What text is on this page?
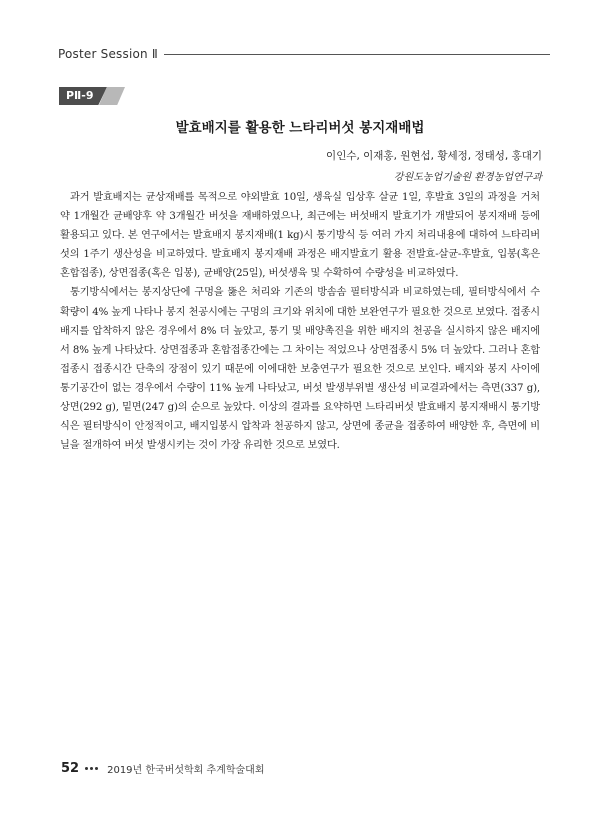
Poster Session Ⅱ
PⅡ-9
발효배지를 활용한 느타리버섯 봉지재배법
이인수, 이재홍, 원현섭, 황세정, 정태성, 홍대기
강원도농업기술원 환경농업연구과

과거 발효배지는 균상재배를 목적으로 야외발효 10일, 생육실 입상후 살균 1일, 후발효 3일의 과정을 거처 약 1개월간 균배양후 약 3개월간 버섯을 재배하였으나, 최근에는 버섯배지 발효기가 개발되어 봉지재배 등에 활용되고 있다. 본 연구에서는 발효배지 봉지재배(1 kg)시 통기방식 등 여러 가지 처리내용에 대하여 느타리버섯의 1주기 생산성을 비교하였다. 발효배지 봉지재배 과정은 배지발효기 활용 전발효-살균-후발효, 입봉(혹은 혼합접종), 상면접종(혹은 입봉), 균배양(25일), 버섯생육 및 수확하여 수량성을 비교하였다.

통기방식에서는 봉지상단에 구멍을 뚫은 처리와 기존의 방솜솜 필터방식과 비교하였는데, 필터방식에서 수확량이 4% 높게 나타나 봉지 천공시에는 구멍의 크기와 위치에 대한 보완연구가 필요한 것으로 보였다. 접종시 배지를 압착하지 않은 경우에서 8% 더 높았고, 통기 및 배양촉진을 위한 배지의 천공을 실시하지 않은 배지에서 8% 높게 나타났다. 상면접종과 혼합접종간에는 그 차이는 적었으나 상면접종시 5% 더 높았다. 그러나 혼합접종시 접종시간 단축의 장점이 있기 때문에 이에대한 보충연구가 필요한 것으로 보인다. 배지와 봉지 사이에 통기공간이 없는 경우에서 수량이 11% 높게 나타났고, 버섯 발생부위별 생산성 비교결과에서는 측면(337 g), 상면(292 g), 밑면(247 g)의 순으로 높았다. 이상의 결과를 요약하면 느타리버섯 발효배지 봉지재배시 통기방식은 필터방식이 안정적이고, 배지입봉시 압착과 천공하지 않고, 상면에 종균을 접종하여 배양한 후, 측면에 비닐을 절개하여 버섯 발생시키는 것이 가장 유리한 것으로 보였다.

52	2019년 한국버섯학회 추계학술대회
